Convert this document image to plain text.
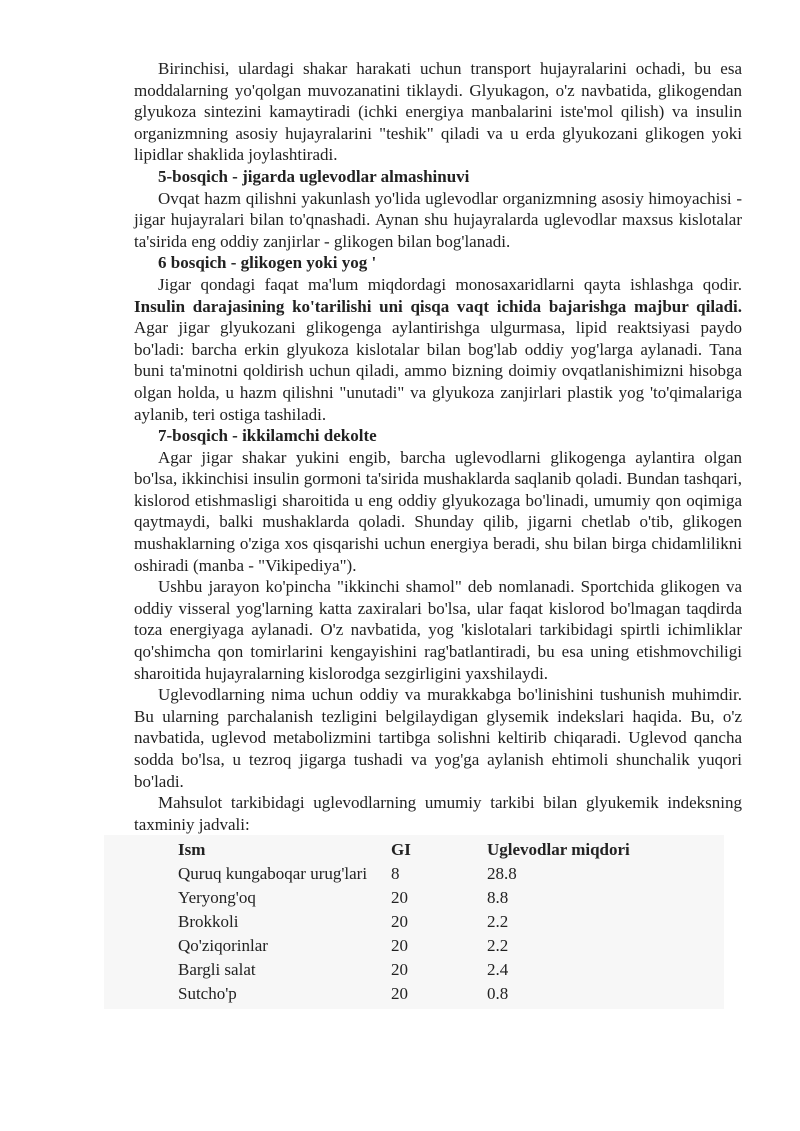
Birinchisi, ulardagi shakar harakati uchun transport hujayralarini ochadi, bu esa moddalarning yo'qolgan muvozanatini tiklaydi. Glyukagon, o'z navbatida, glikogendan glyukoza sintezini kamaytiradi (ichki energiya manbalarini iste'mol qilish) va insulin organizmning asosiy hujayralarini "teshik" qiladi va u erda glyukozani glikogen yoki lipidlar shaklida joylashtiradi.

5-bosqich - jigarda uglevodlar almashinuvi

Ovqat hazm qilishni yakunlash yo'lida uglevodlar organizmning asosiy himoyachisi - jigar hujayralari bilan to'qnashadi. Aynan shu hujayralarda uglevodlar maxsus kislotalar ta'sirida eng oddiy zanjirlar - glikogen bilan bog'lanadi.

6 bosqich - glikogen yoki yog '

Jigar qondagi faqat ma'lum miqdordagi monosaxaridlarni qayta ishlashga qodir. Insulin darajasining ko'tarilishi uni qisqa vaqt ichida bajarishga majbur qiladi. Agar jigar glyukozani glikogenga aylantirishga ulgurmasa, lipid reaktsiyasi paydo bo'ladi: barcha erkin glyukoza kislotalar bilan bog'lab oddiy yog'larga aylanadi. Tana buni ta'minotni qoldirish uchun qiladi, ammo bizning doimiy ovqatlanishimizni hisobga olgan holda, u hazm qilishni "unutadi" va glyukoza zanjirlari plastik yog 'to'qimalariga aylanib, teri ostiga tashiladi.

7-bosqich - ikkilamchi dekolte

Agar jigar shakar yukini engib, barcha uglevodlarni glikogenga aylantira olgan bo'lsa, ikkinchisi insulin gormoni ta'sirida mushaklarda saqlanib qoladi. Bundan tashqari, kislorod etishmasligi sharoitida u eng oddiy glyukozaga bo'linadi, umumiy qon oqimiga qaytmaydi, balki mushaklarda qoladi. Shunday qilib, jigarni chetlab o'tib, glikogen mushaklarning o'ziga xos qisqarishi uchun energiya beradi, shu bilan birga chidamlilikni oshiradi (manba - "Vikipediya").

Ushbu jarayon ko'pincha "ikkinchi shamol" deb nomlanadi. Sportchida glikogen va oddiy visseral yog'larning katta zaxiralari bo'lsa, ular faqat kislorod bo'lmagan taqdirda toza energiyaga aylanadi. O'z navbatida, yog 'kislotalari tarkibidagi spirtli ichimliklar qo'shimcha qon tomirlarini kengayishini rag'batlantiradi, bu esa uning etishmovchiligi sharoitida hujayralarning kislorodga sezgirligini yaxshilaydi.

Uglevodlarning nima uchun oddiy va murakkabga bo'linishini tushunish muhimdir. Bu ularning parchalanish tezligini belgilaydigan glysemik indekslari haqida. Bu, o'z navbatida, uglevod metabolizmini tartibga solishni keltirib chiqaradi. Uglevod qancha sodda bo'lsa, u tezroq jigarga tushadi va yog'ga aylanish ehtimoli shunchalik yuqori bo'ladi.

Mahsulot tarkibidagi uglevodlarning umumiy tarkibi bilan glyukemik indeksning taxminiy jadvali:

Ism	GI	Uglevodlar miqdori
Quruq kungaboqar urug'lari	8	28.8
Yeryong'oq	20	8.8
Brokkoli	20	2.2
Qo'ziqorinlar	20	2.2
Bargli salat	20	2.4
Sutcho'p	20	0.8
